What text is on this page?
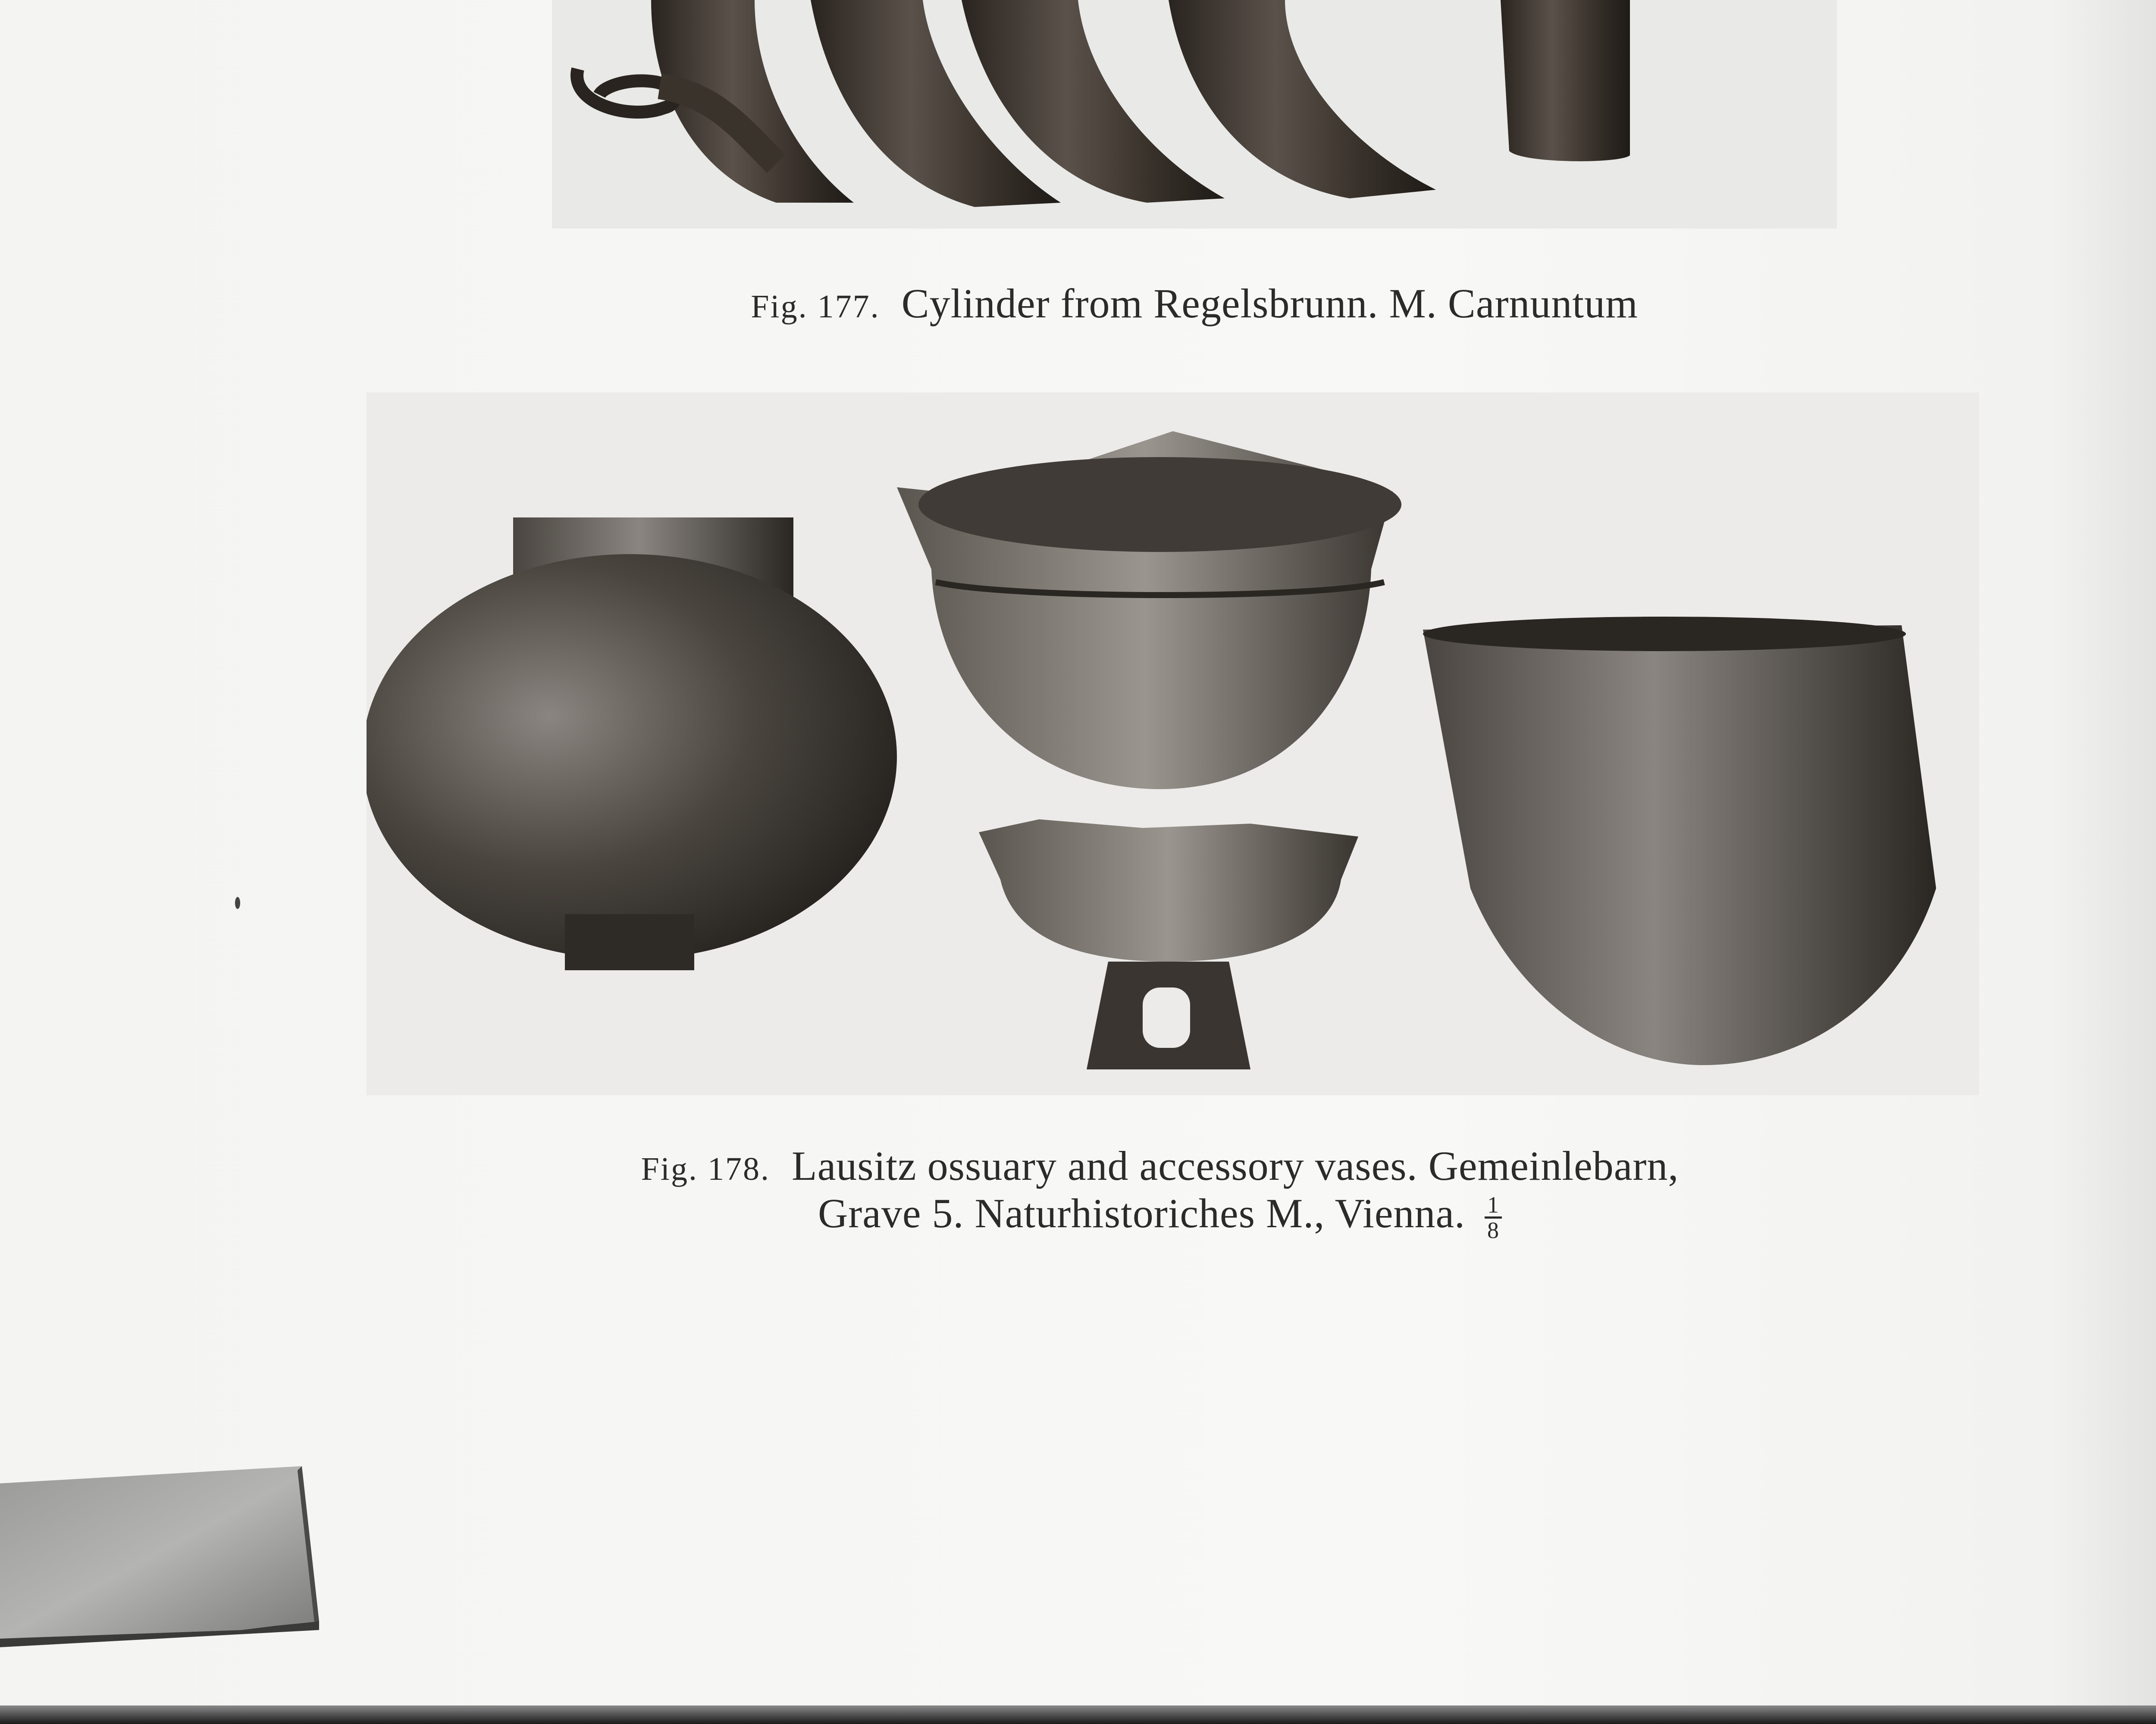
Fig. 177. Cylinder from Regelsbrunn. M. Carnuntum
Fig. 178. Lausitz ossuary and accessory vases. Gemeinlebarn,
Grave 5. Naturhistoriches M., Vienna. $\frac{1}{8}$
